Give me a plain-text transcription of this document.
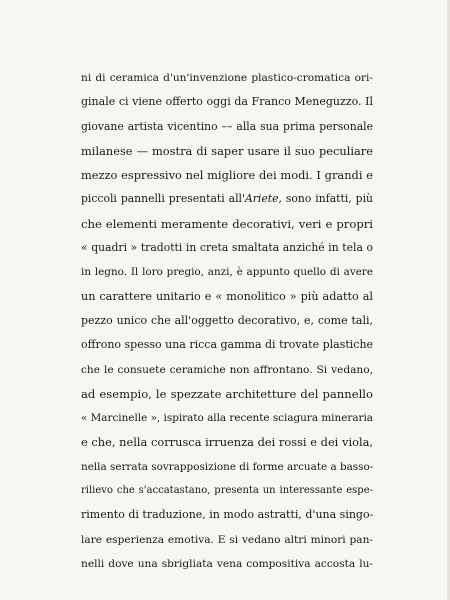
ni di ceramica d'un'invenzione plastico-cromatica ori-
ginale ci viene offerto oggi da Franco Meneguzzo. Il
giovane artista vicentino –– alla sua prima personale
milanese — mostra di saper usare il suo peculiare
mezzo espressivo nel migliore dei modi. I grandi e
piccoli pannelli presentati all'Ariete, sono infatti, più
che elementi meramente decorativi, veri e propri
« quadri » tradotti in creta smaltata anziché in tela o
in legno. Il loro pregio, anzi, è appunto quello di avere
un carattere unitario e « monolitico » più adatto al
pezzo unico che all'oggetto decorativo, e, come tali,
offrono spesso una ricca gamma di trovate plastiche
che le consuete ceramiche non affrontano. Si vedano,
ad esempio, le spezzate architetture del pannello
« Marcinelle », ispirato alla recente sciagura mineraria
e che, nella corrusca irruenza dei rossi e dei viola,
nella serrata sovrapposizione di forme arcuate a basso-
rilievo che s'accatastano, presenta un interessante espe-
rimento di traduzione, in modo astratti, d'una singo-
lare esperienza emotiva. E si vedano altri minori pan-
nelli dove una sbrigliata vena compositiva accosta lu-
